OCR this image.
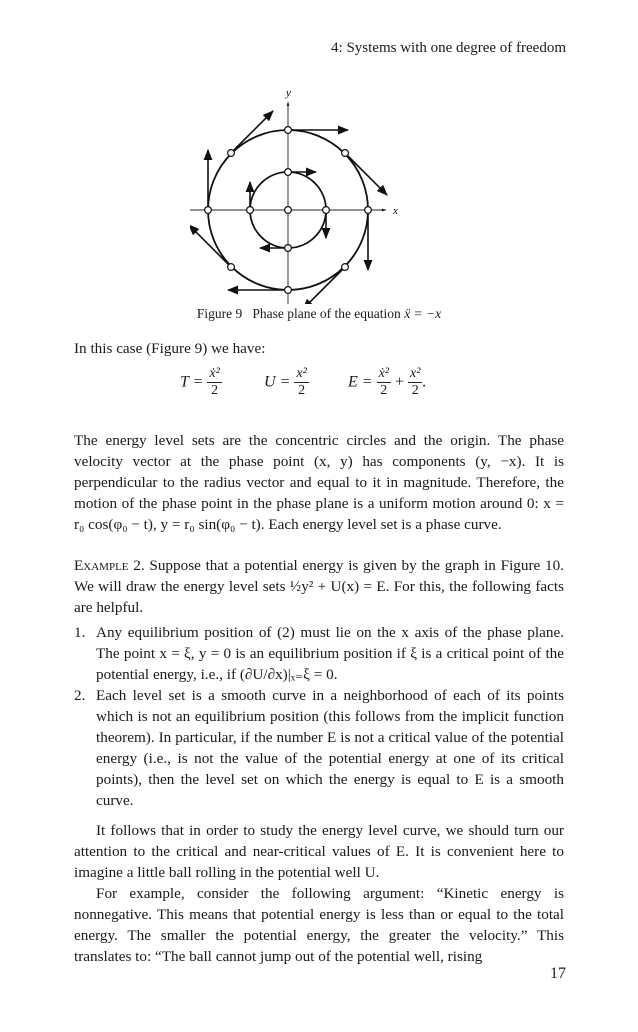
4: Systems with one degree of freedom
x
y
Figure 9 Phase plane of the equation ẍ = −x
In this case (Figure 9) we have:
$T = \frac{\text{ẋ²}}{2}$	$U = \frac{\text{x²}}{2}$ $E = \frac{\text{ẋ²}}{2} + \frac{\text{x²}}{2}$ .
The energy level sets are the concentric circles and the origin. The phase velocity vector at the phase point (x, y) has components (y, −x). It is perpendicular to the radius vector and equal to it in magnitude. Therefore, the motion of the phase point in the phase plane is a uniform motion around 0: x = r₀ cos(φ₀ − t), y = r₀ sin(φ₀ − t). Each energy level set is a phase curve.
Example 2. Suppose that a potential energy is given by the graph in Figure 10. We will draw the energy level sets ½y² + U(x) = E. For this, the following facts are helpful.
1. Any equilibrium position of (2) must lie on the x axis of the phase plane. The point x = ξ, y = 0 is an equilibrium position if ξ is a critical point of the potential energy, i.e., if (∂U/∂x)|ₓ₌ξ = 0.
2. Each level set is a smooth curve in a neighborhood of each of its points which is not an equilibrium position (this follows from the implicit function theorem). In particular, if the number E is not a critical value of the potential energy (i.e., is not the value of the potential energy at one of its critical points), then the level set on which the energy is equal to E is a smooth curve.
It follows that in order to study the energy level curve, we should turn our attention to the critical and near-critical values of E. It is convenient here to imagine a little ball rolling in the potential well U.
For example, consider the following argument: “Kinetic energy is nonnegative. This means that potential energy is less than or equal to the total energy. The smaller the potential energy, the greater the velocity.” This translates to: “The ball cannot jump out of the potential well, rising
17
